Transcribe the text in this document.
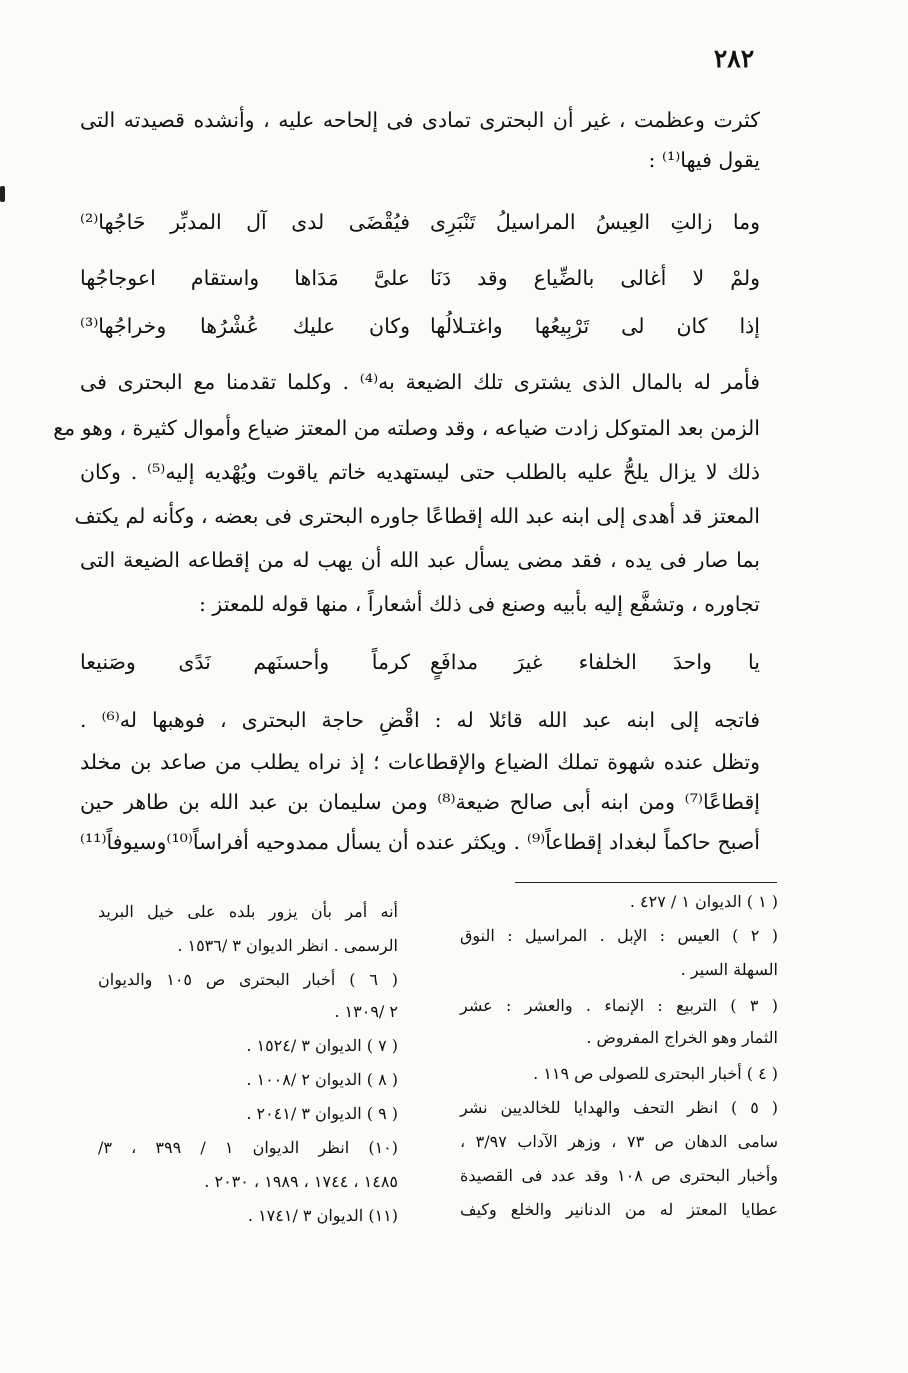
٢٨٢
كثرت وعظمت ، غير أن البحترى تمادى فى إلحاحه عليه ، وأنشده قصيدته التى
يقول فيها⁽¹⁾ :
وما زالتِ العِيسُ المراسيلُ تَنْبَرِى
فيُقْضَى لدى آل المدبِّر حَاجُها⁽²⁾
ولمْ لا أغالى بالضِّياع وقد دَنَا
علىَّ مَدَاها واستقام اعوجاجُها
إذا كان لى تَرْبِيعُها واغتـلالُها
وكان عليك عُشْرُها وخراجُها⁽³⁾
فأمر له بالمال الذى يشترى تلك الضيعة به⁽⁴⁾ . وكلما تقدمنا مع البحترى فى
الزمن بعد المتوكل زادت ضياعه ، وقد وصلته من المعتز ضياع وأموال كثيرة ، وهو مع
ذلك لا يزال يلحُّ عليه بالطلب حتى ليستهديه خاتم ياقوت ويُهْديه إليه⁽⁵⁾ . وكان
المعتز قد أهدى إلى ابنه عبد الله إقطاعًا جاوره البحترى فى بعضه ، وكأنه لم يكتف
بما صار فى يده ، فقد مضى يسأل عبد الله أن يهب له من إقطاعه الضيعة التى
تجاوره ، وتشفَّع إليه بأبيه وصنع فى ذلك أشعاراً ، منها قوله للمعتز :
يا واحدَ الخلفاء غيرَ مدافَعٍ
كرماً وأحسنَهم نَدًى وصَنيعا
فاتجه إلى ابنه عبد الله قائلا له : اقْضِ حاجة البحترى ، فوهبها له⁽⁶⁾ .
وتظل عنده شهوة تملك الضياع والإقطاعات ؛ إذ نراه يطلب من صاعد بن مخلد
إقطاعًا⁽⁷⁾ ومن ابنه أبى صالح ضيعة⁽⁸⁾ ومن سليمان بن عبد الله بن طاهر حين
أصبح حاكماً لبغداد إقطاعاً⁽⁹⁾ . ويكثر عنده أن يسأل ممدوحيه أفراساً⁽¹⁰⁾وسيوفاً⁽¹¹⁾
( ١ ) الديوان ١ / ٤٢٧ .
( ٢ ) العيس : الإبل . المراسيل : النوق
السهلة السير .
( ٣ ) التربيع : الإنماء . والعشر : عشر
الثمار وهو الخراج المفروض .
( ٤ ) أخبار البحترى للصولى ص ١١٩ .
( ٥ ) انظر التحف والهدايا للخالديين نشر
سامى الدهان ص ٧٣ ، وزهر الآداب ٣/٩٧ ،
وأخبار البحترى ص ١٠٨ وقد عدد فى القصيدة
عطايا المعتز له من الدنانير والخلع وكيف
أنه أمر بأن يزور بلده على خيل البريد
الرسمى . انظر الديوان ٣ /١٥٣٦ .
( ٦ ) أخبار البحترى ص ١٠٥ والديوان
٢ /١٣٠٩ .
( ٧ ) الديوان ٣ /١٥٢٤ .
( ٨ ) الديوان ٢ /١٠٠٨ .
( ٩ ) الديوان ٣ /٢٠٤١ .
(١٠) انظر الديوان ١ / ٣٩٩ ، ٣/
١٤٨٥ ، ١٧٤٤ ، ١٩٨٩ ، ٢٠٣٠ .
(١١) الديوان ٣ /١٧٤١ .
